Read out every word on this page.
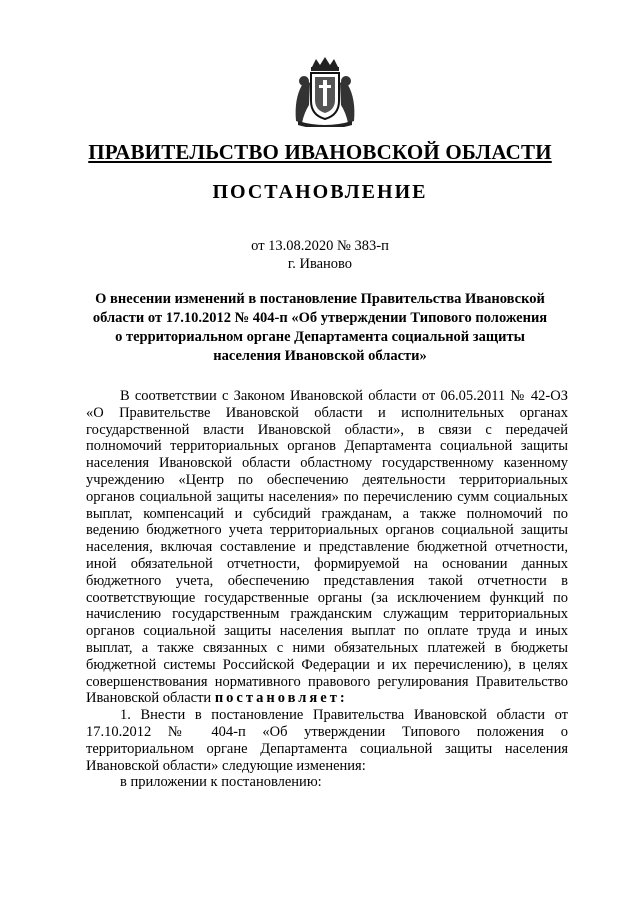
ПРАВИТЕЛЬСТВО ИВАНОВСКОЙ ОБЛАСТИ
ПОСТАНОВЛЕНИЕ
от 13.08.2020 № 383-п
г. Иваново
О внесении изменений в постановление Правительства Ивановской области от 17.10.2012 № 404-п «Об утверждении Типового положения о территориальном органе Департамента социальной защиты населения Ивановской области»

В соответствии с Законом Ивановской области от 06.05.2011 № 42-ОЗ «О Правительстве Ивановской области и исполнительных органах государственной власти Ивановской области», в связи с передачей полномочий территориальных органов Департамента социальной защиты населения Ивановской области областному государственному казенному учреждению «Центр по обеспечению деятельности территориальных органов социальной защиты населения» по перечислению сумм социальных выплат, компенсаций и субсидий гражданам, а также полномочий по ведению бюджетного учета территориальных органов социальной защиты населения, включая составление и представление бюджетной отчетности, иной обязательной отчетности, формируемой на основании данных бюджетного учета, обеспечению представления такой отчетности в соответствующие государственные органы (за исключением функций по начислению государственным гражданским служащим территориальных органов социальной защиты населения выплат по оплате труда и иных выплат, а также связанных с ними обязательных платежей в бюджеты бюджетной системы Российской Федерации и их перечислению), в целях совершенствования нормативного правового регулирования Правительство Ивановской области постановляет:

1. Внести в постановление Правительства Ивановской области от 17.10.2012 № 404-п «Об утверждении Типового положения о территориальном органе Департамента социальной защиты населения Ивановской области» следующие изменения:

в приложении к постановлению:
